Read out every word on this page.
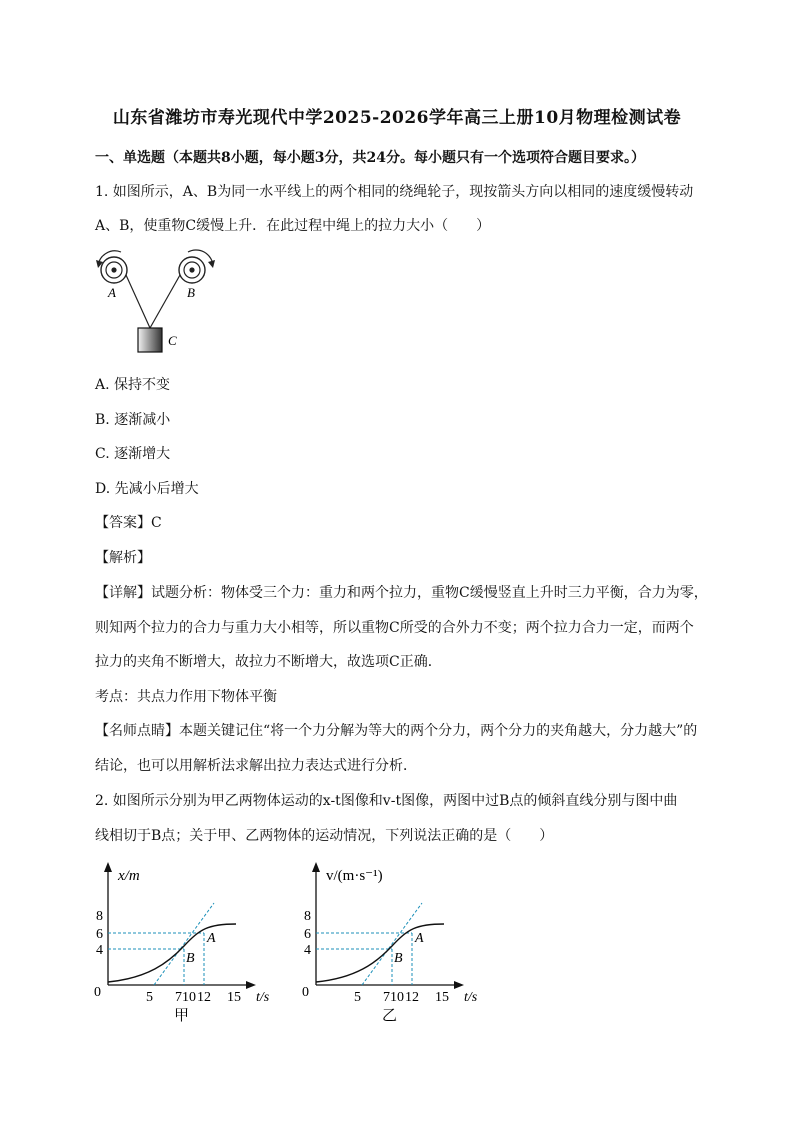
山东省潍坊市寿光现代中学2025-2026学年高三上册10月物理检测试卷
一、单选题（本题共8小题，每小题3分，共24分。每小题只有一个选项符合题目要求。）
1. 如图所示，A、B为同一水平线上的两个相同的绕绳轮子，现按箭头方向以相同的速度缓慢转动
A、B，使重物C缓慢上升．在此过程中绳上的拉力大小（　　）
A	B
C
A. 保持不变
B. 逐渐减小
C. 逐渐增大
D. 先减小后增大
【答案】C
【解析】
【详解】试题分析：物体受三个力：重力和两个拉力，重物C缓慢竖直上升时三力平衡，合力为零，
则知两个拉力的合力与重力大小相等，所以重物C所受的合外力不变；两个拉力合力一定，而两个
拉力的夹角不断增大，故拉力不断增大，故选项C正确．
考点：共点力作用下物体平衡
【名师点睛】本题关键记住“将一个力分解为等大的两个分力，两个分力的夹角越大，分力越大”的
结论，也可以用解析法求解出拉力表达式进行分析．
2. 如图所示分别为甲乙两物体运动的x-t图像和v-t图像，两图中过B点的倾斜直线分别与图中曲
线相切于B点；关于甲、乙两物体的运动情况，下列说法正确的是（　　）
8
6
4
0	5 7 10 12 15 t/s
x/m
A
B
甲
8
6
4
0	5 7 10 12 15 t/s
v/(m·s⁻¹)
A
B
乙
